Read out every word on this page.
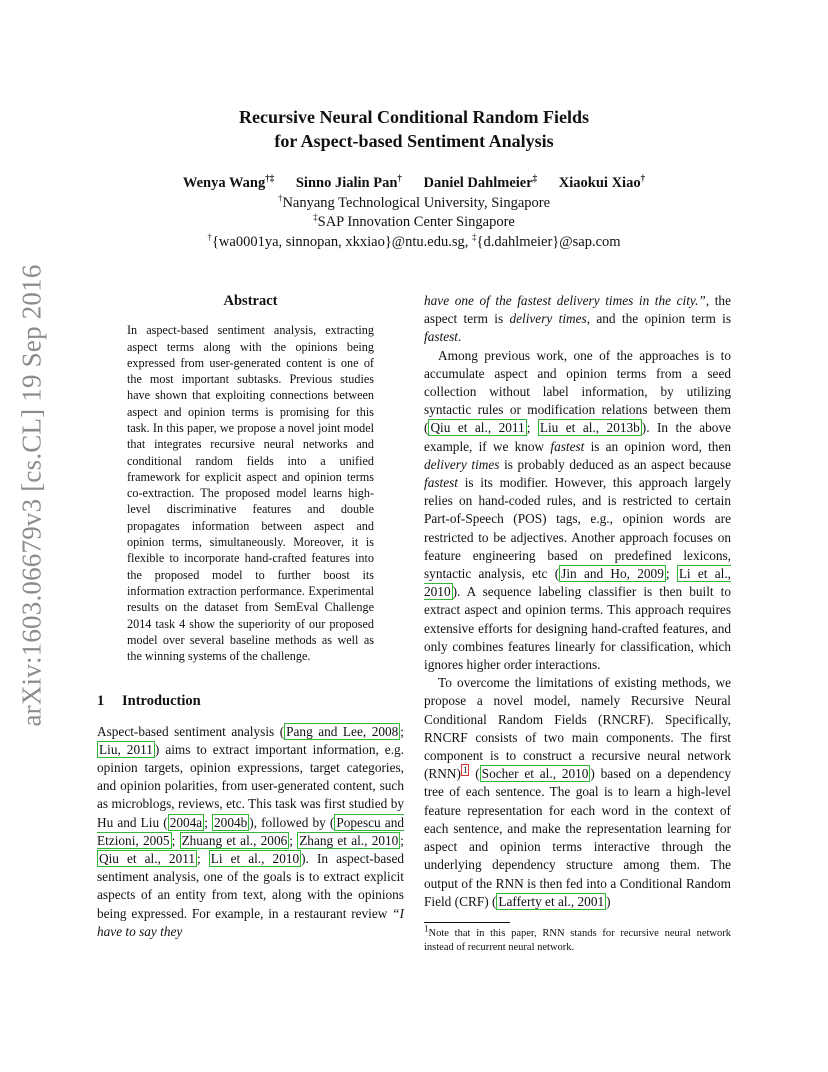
arXiv:1603.06679v3 [cs.CL] 19 Sep 2016
Recursive Neural Conditional Random Fields
for Aspect-based Sentiment Analysis
Wenya Wang†‡ Sinno Jialin Pan† Daniel Dahlmeier‡ Xiaokui Xiao†
†Nanyang Technological University, Singapore
‡SAP Innovation Center Singapore
†{wa0001ya, sinnopan, xkxiao}@ntu.edu.sg, ‡{d.dahlmeier}@sap.com
Abstract
In aspect-based sentiment analysis, extracting aspect terms along with the opinions being expressed from user-generated content is one of the most important subtasks. Previous studies have shown that exploiting connections between aspect and opinion terms is promising for this task. In this paper, we propose a novel joint model that integrates recursive neural networks and conditional random fields into a unified framework for explicit aspect and opinion terms co-extraction. The proposed model learns high-level discriminative features and double propagates information between aspect and opinion terms, simultaneously. Moreover, it is flexible to incorporate hand-crafted features into the proposed model to further boost its information extraction performance. Experimental results on the dataset from SemEval Challenge 2014 task 4 show the superiority of our proposed model over several baseline methods as well as the winning systems of the challenge.
1 Introduction

Aspect-based sentiment analysis ( Pang and Lee, 2008 ; Liu, 2011 ) aims to extract important information, e.g. opinion targets, opinion expressions, target categories, and opinion polarities, from user-generated content, such as microblogs, reviews, etc. This task was first studied by Hu and Liu ( 2004a ; 2004b ), followed by ( Popescu and Etzioni, 2005 ; Zhuang et al., 2006 ; Zhang et al., 2010 ; Qiu et al., 2011 ; Li et al., 2010 ). In aspect-based sentiment analysis, one of the goals is to extract explicit aspects of an entity from text, along with the opinions being expressed. For example, in a restaurant review “I have to say they

have one of the fastest delivery times in the city.”, the aspect term is delivery times, and the opinion term is fastest.

Among previous work, one of the approaches is to accumulate aspect and opinion terms from a seed collection without label information, by utilizing syntactic rules or modification relations between them ( Qiu et al., 2011 ; Liu et al., 2013b ). In the above example, if we know fastest is an opinion word, then delivery times is probably deduced as an aspect because fastest is its modifier. However, this approach largely relies on hand-coded rules, and is restricted to certain Part-of-Speech (POS) tags, e.g., opinion words are restricted to be adjectives. Another approach focuses on feature engineering based on predefined lexicons, syntactic analysis, etc ( Jin and Ho, 2009 ; Li et al., 2010 ). A sequence labeling classifier is then built to extract aspect and opinion terms. This approach requires extensive efforts for designing hand-crafted features, and only combines features linearly for classification, which ignores higher order interactions.

To overcome the limitations of existing methods, we propose a novel model, namely Recursive Neural Conditional Random Fields (RNCRF). Specifically, RNCRF consists of two main components. The first component is to construct a recursive neural network (RNN) $^1$ ( Socher et al., 2010 ) based on a dependency tree of each sentence. The goal is to learn a high-level feature representation for each word in the context of each sentence, and make the representation learning for aspect and opinion terms interactive through the underlying dependency structure among them. The output of the RNN is then fed into a Conditional Random Field (CRF) ( Lafferty et al., 2001 )

$^1$Note that in this paper, RNN stands for recursive neural network instead of recurrent neural network.
